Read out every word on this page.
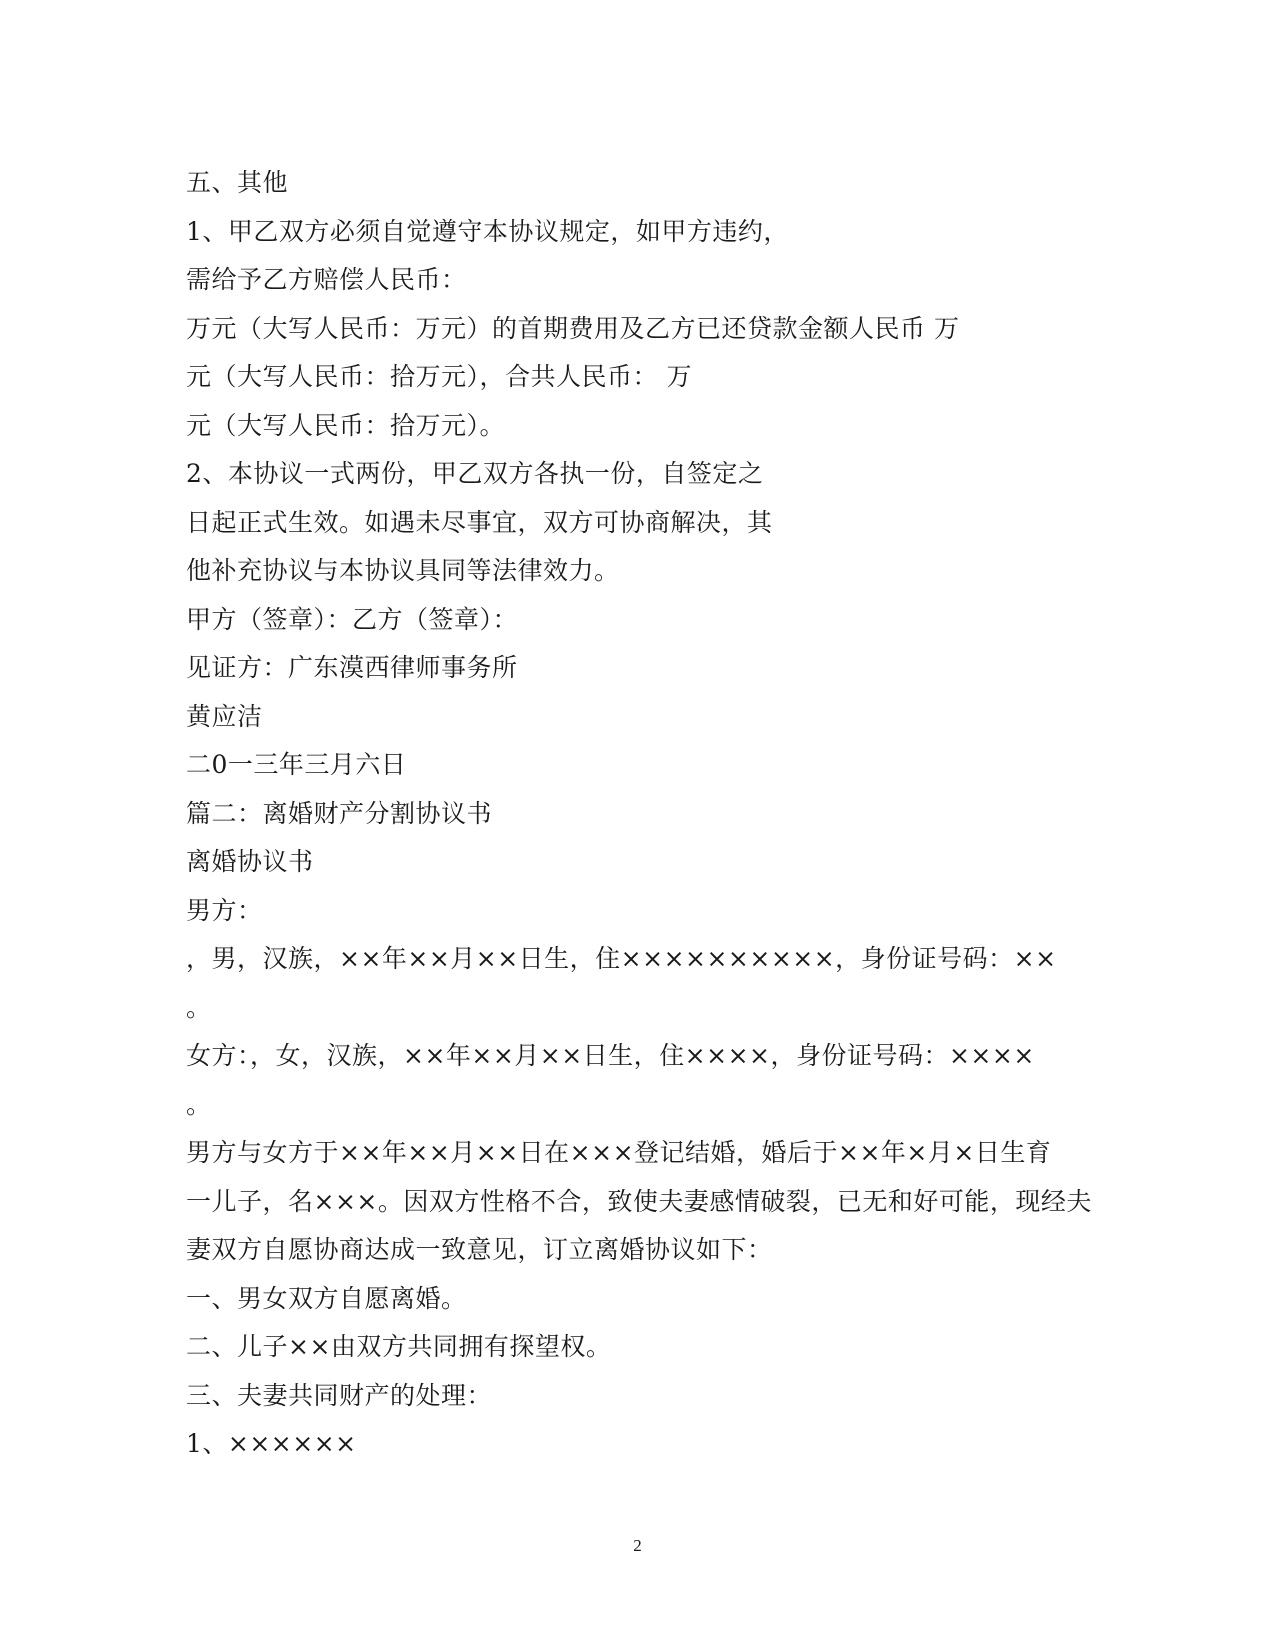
五、其他
1、甲乙双方必须自觉遵守本协议规定，如甲方违约，
需给予乙方赔偿人民币：
万元（大写人民币：万元）的首期费用及乙方已还贷款金额人民币 万
元（大写人民币：拾万元），合共人民币： 万
元（大写人民币：拾万元）。
2、本协议一式两份，甲乙双方各执一份，自签定之
日起正式生效。如遇未尽事宜，双方可协商解决，其
他补充协议与本协议具同等法律效力。
甲方（签章）：乙方（签章）：
见证方：广东漠西律师事务所
黄应洁
二0一三年三月六日
篇二：离婚财产分割协议书
离婚协议书
男方：
，男，汉族，××年××月××日生，住××××××××××，身份证号码：××
。
女方：，女，汉族，××年××月××日生，住××××，身份证号码：××××
。
男方与女方于××年××月××日在×××登记结婚，婚后于××年×月×日生育
一儿子，名×××。因双方性格不合，致使夫妻感情破裂，已无和好可能，现经夫
妻双方自愿协商达成一致意见，订立离婚协议如下：
一、男女双方自愿离婚。
二、儿子××由双方共同拥有探望权。
三、夫妻共同财产的处理：
1、××××××
2
